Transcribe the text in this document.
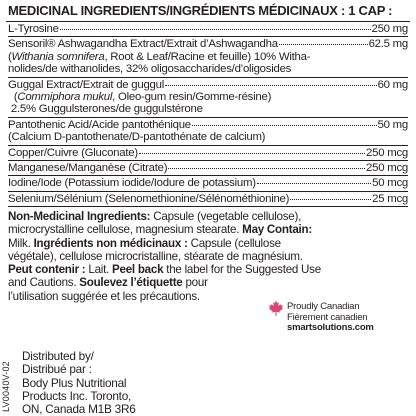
MEDICINAL INGREDIENTS/INGRÉDIENTS MÉDICINAUX : 1 CAP :
L-Tyrosine	250 mg
Sensoril® Ashwagandha Extract/Extrait d’Ashwagandha	62.5 mg
(Withania somnifera, Root & Leaf/Racine et feuille) 10% Witha-
nolides/de withanolides, 32% oligosaccharides/d’oligosides
Guggal Extract/Extrait de guggul	60 mg
(Commiphora mukul, Oleo-gum resin/Gomme-résine)
2.5% Guggulsterones/de guggulstérone
Pantothenic Acid/Acide pantothénique	50 mg
(Calcium D-pantothenate/D-pantothénate de calcium)
Copper/Cuivre (Gluconate)	250 mcg
Manganese/Manganèse (Citrate)	250 mcg
Iodine/Iode (Potassium iodide/Iodure de potassium)	50 mcg
Selenium/Sélénium (Selenomethionine/Sélénométhionine)	25 mcg
Non-Medicinal Ingredients: Capsule (vegetable cellulose),
microcrystalline cellulose, magnesium stearate. May Contain:
Milk. Ingrédients non médicinaux : Capsule (cellulose
végétale), cellulose microcristalline, stéarate de magnésium.
Peut contenir : Lait. Peel back the label for the Suggested Use
and Cautions. Soulevez l’étiquette pour
l’utilisation suggérée et les précautions.
Proudly Canadian
Fièrement canadien
smartsolutions.com
Distributed by/
Distribué par :
Body Plus Nutritional
Products Inc. Toronto,
ON, Canada M1B 3R6
LV0040V-02
